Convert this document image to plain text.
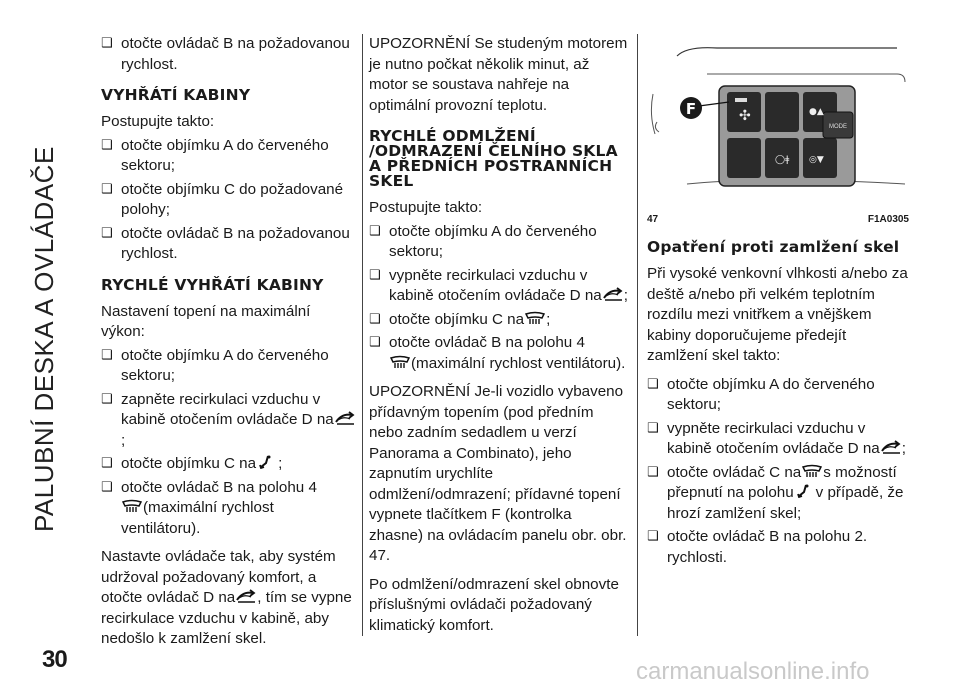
PALUBNÍ DESKA A OVLÁDAČE
30
❑ otočte ovládač B na požadovanou rychlost.
VYHŘÁTÍ KABINY

Postupujte takto:

❑ otočte objímku A do červeného sektoru;
❑ otočte objímku C do požadované polohy;
❑ otočte ovládač B na požadovanou rychlost.
RYCHLÉ VYHŘÁTÍ KABINY

Nastavení topení na maximální výkon:

❑ otočte objímku A do červeného sektoru;
❑ zapněte recirkulaci vzduchu v kabině otočením ovládače D na;
❑ otočte objímku C na ;
❑ otočte ovládač B na polohu 4
(maximální rychlost ventilátoru).

Nastavte ovládače tak, aby systém udržoval požadovaný komfort, a otočte ovládač D na , tím se vypne recirkulace vzduchu v kabině, aby nedošlo k zamlžení skel.

UPOZORNĚNÍ Se studeným motorem je nutno počkat několik minut, až motor se soustava nahřeje na optimální provozní teplotu.

RYCHLÉ ODMLŽENÍ /ODMRAZENÍ ČELNÍHO SKLA A PŘEDNÍCH POSTRANNÍCH SKEL

Postupujte takto:

❑ otočte objímku A do červeného sektoru;
❑ vypněte recirkulaci vzduchu v kabině otočením ovládače D na ;
❑ otočte objímku C na ;
❑ otočte ovládač B na polohu 4
(maximální rychlost ventilátoru).

UPOZORNĚNÍ Je-li vozidlo vybaveno přídavným topením (pod předním nebo zadním sedadlem u verzí Panorama a Combinato), jeho zapnutím urychlíte odmlžení/odmrazení; přídavné topení vypnete tlačítkem F (kontrolka zhasne) na ovládacím panelu obr. obr. 47.

Po odmlžení/odmrazení skel obnovte příslušnými ovládači požadovaný klimatický komfort.

MODE
✣	●▲
◯ǂ ◎▼
F
47	F1A0305
Opatření proti zamlžení skel

Při vysoké venkovní vlhkosti a/nebo za deště a/nebo při velkém teplotním rozdílu mezi vnitřkem a vnějškem kabiny doporučujeme předejít zamlžení skel takto:

❑ otočte objímku A do červeného sektoru;
❑ vypněte recirkulaci vzduchu v kabině otočením ovládače D na ;
❑ otočte ovládač C na s možností přepnutí na polohu v případě, že hrozí zamlžení skel;
❑ otočte ovládač B na polohu 2. rychlosti.
carmanualsonline.info
